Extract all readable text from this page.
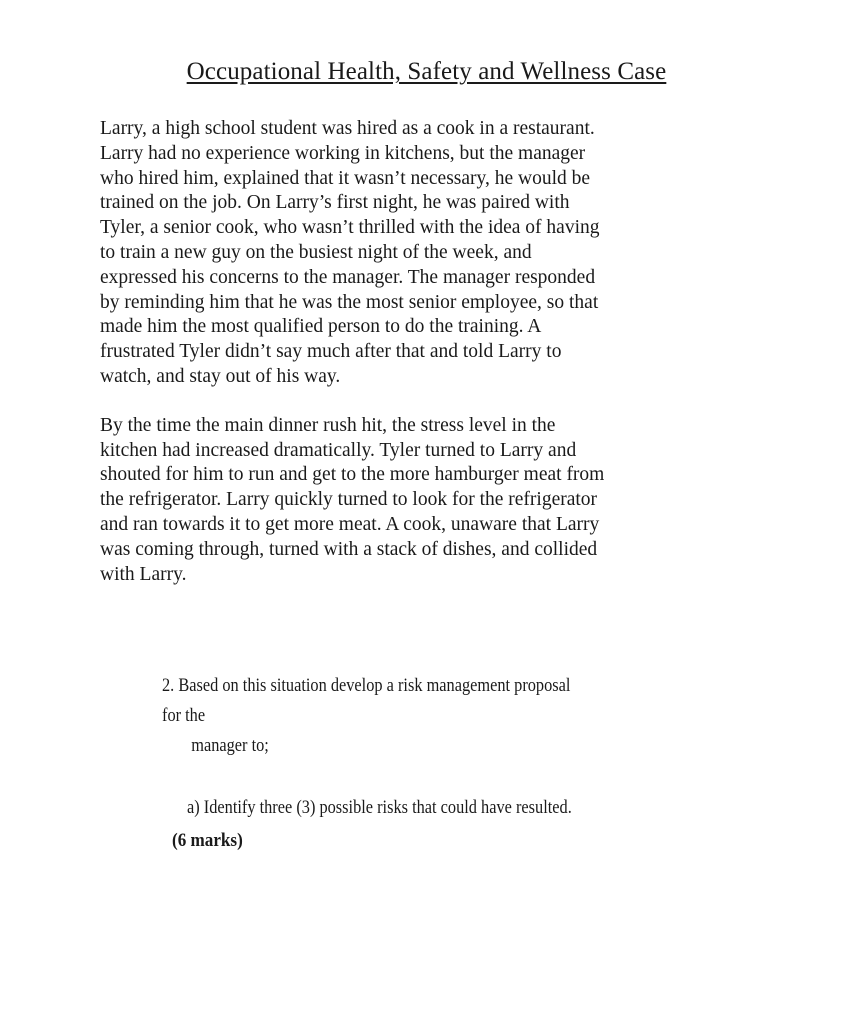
Occupational Health, Safety and Wellness Case

Larry, a high school student was hired as a cook in a restaurant.
Larry had no experience working in kitchens, but the manager
who hired him, explained that it wasn’t necessary, he would be
trained on the job. On Larry’s first night, he was paired with
Tyler, a senior cook, who wasn’t thrilled with the idea of having
to train a new guy on the busiest night of the week, and
expressed his concerns to the manager. The manager responded
by reminding him that he was the most senior employee, so that
made him the most qualified person to do the training. A
frustrated Tyler didn’t say much after that and told Larry to
watch, and stay out of his way.

By the time the main dinner rush hit, the stress level in the
kitchen had increased dramatically. Tyler turned to Larry and
shouted for him to run and get to the more hamburger meat from
the refrigerator. Larry quickly turned to look for the refrigerator
and ran towards it to get more meat. A cook, unaware that Larry
was coming through, turned with a stack of dishes, and collided
with Larry.

2. Based on this situation develop a risk management proposal
for the
manager to;
a) Identify three (3) possible risks that could have resulted.
(6 marks)
